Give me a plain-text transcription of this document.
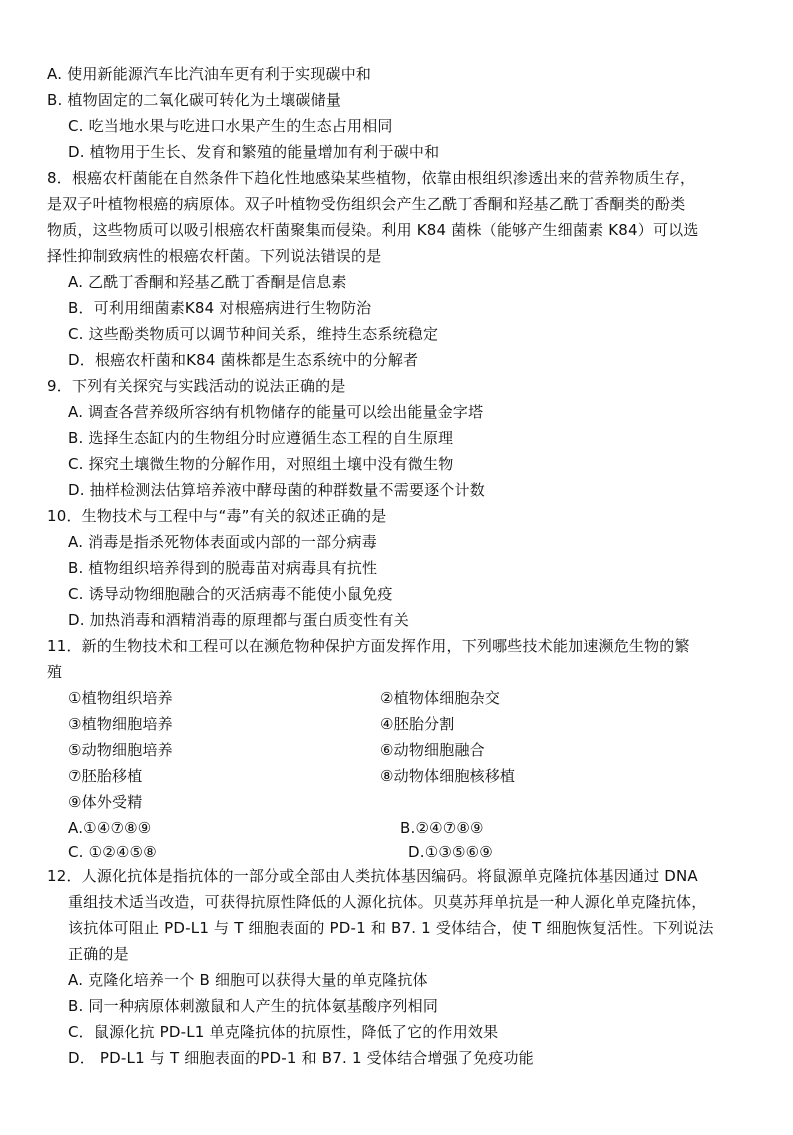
A. 使用新能源汽车比汽油车更有利于实现碳中和
B. 植物固定的二氧化碳可转化为土壤碳储量
C. 吃当地水果与吃进口水果产生的生态占用相同
D. 植物用于生长、发育和繁殖的能量增加有利于碳中和
8．根癌农杆菌能在自然条件下趋化性地感染某些植物，依靠由根组织渗透出来的营养物质生存，
是双子叶植物根癌的病原体。双子叶植物受伤组织会产生乙酰丁香酮和羟基乙酰丁香酮类的酚类
物质，这些物质可以吸引根癌农杆菌聚集而侵染。利用 K84 菌株（能够产生细菌素 K84）可以选
择性抑制致病性的根癌农杆菌。下列说法错误的是
A. 乙酰丁香酮和羟基乙酰丁香酮是信息素
B．可利用细菌素K84 对根癌病进行生物防治
C. 这些酚类物质可以调节种间关系，维持生态系统稳定
D．根癌农杆菌和K84 菌株都是生态系统中的分解者
9．下列有关探究与实践活动的说法正确的是
A. 调查各营养级所容纳有机物储存的能量可以绘出能量金字塔
B. 选择生态缸内的生物组分时应遵循生态工程的自生原理
C. 探究土壤微生物的分解作用，对照组土壤中没有微生物
D. 抽样检测法估算培养液中酵母菌的种群数量不需要逐个计数
10．生物技术与工程中与“毒”有关的叙述正确的是
A. 消毒是指杀死物体表面或内部的一部分病毒
B. 植物组织培养得到的脱毒苗对病毒具有抗性
C. 诱导动物细胞融合的灭活病毒不能使小鼠免疫
D. 加热消毒和酒精消毒的原理都与蛋白质变性有关
11．新的生物技术和工程可以在濒危物种保护方面发挥作用，下列哪些技术能加速濒危生物的繁
殖
①植物组织培养	②植物体细胞杂交
③植物细胞培养	④胚胎分割
⑤动物细胞培养	⑥动物细胞融合
⑦胚胎移植	⑧动物体细胞核移植
⑨体外受精
A.①④⑦⑧⑨	B.②④⑦⑧⑨
C. ①②④⑤⑧	D.①③⑤⑥⑨
12．人源化抗体是指抗体的一部分或全部由人类抗体基因编码。将鼠源单克隆抗体基因通过 DNA
重组技术适当改造，可获得抗原性降低的人源化抗体。贝莫苏拜单抗是一种人源化单克隆抗体，
该抗体可阻止 PD-L1 与 T 细胞表面的 PD-1 和 B7. 1 受体结合，使 T 细胞恢复活性。下列说法
正确的是
A. 克隆化培养一个 B 细胞可以获得大量的单克隆抗体
B. 同一种病原体刺激鼠和人产生的抗体氨基酸序列相同
C．鼠源化抗 PD-L1 单克隆抗体的抗原性，降低了它的作用效果
D． PD-L1 与 T 细胞表面的PD-1 和 B7. 1 受体结合增强了免疫功能
